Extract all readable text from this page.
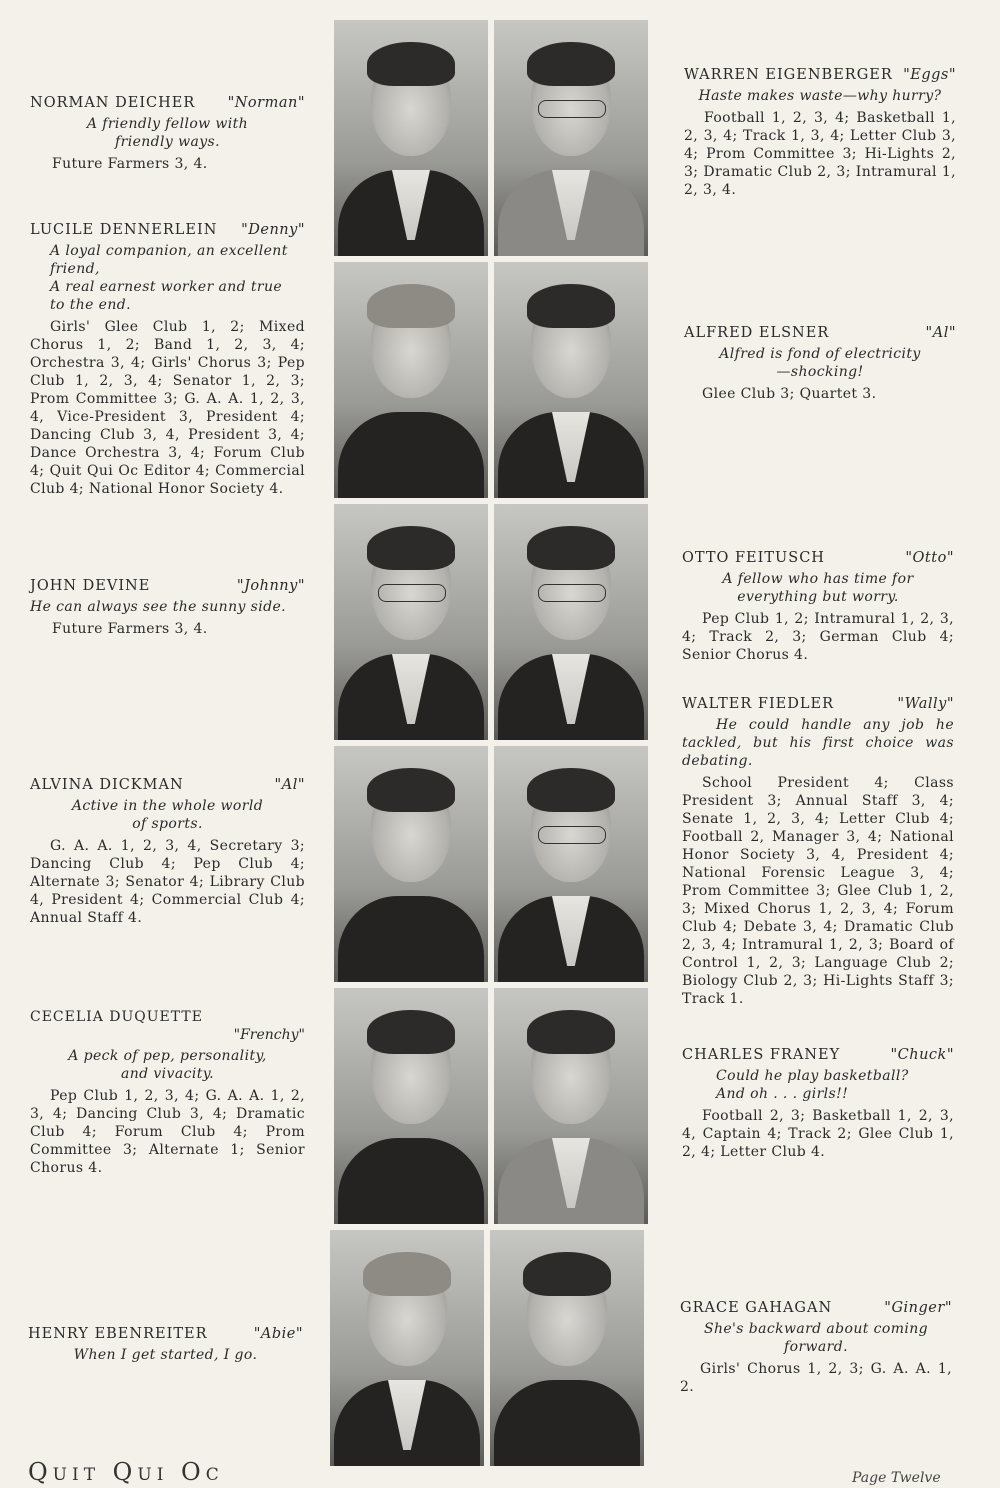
NORMAN DEICHER "Norman"
A friendly fellow with
friendly ways.
Future Farmers 3, 4.
LUCILE DENNERLEIN "Denny"
A loyal companion, an excellent friend,
A real earnest worker and true to the end.
Girls' Glee Club 1, 2; Mixed Chorus 1, 2; Band 1, 2, 3, 4; Orchestra 3, 4; Girls' Chorus 3; Pep Club 1, 2, 3, 4; Senator 1, 2, 3; Prom Committee 3; G. A. A. 1, 2, 3, 4, Vice-President 3, President 4; Dancing Club 3, 4, President 3, 4; Dance Orchestra 3, 4; Forum Club 4; Quit Qui Oc Editor 4; Commercial Club 4; National Honor Society 4.
JOHN DEVINE	"Johnny"
He can always see the sunny side.
Future Farmers 3, 4.
ALVINA DICKMAN	"Al"
Active in the whole world
of sports.
G. A. A. 1, 2, 3, 4, Secretary 3; Dancing Club 4; Pep Club 4; Alternate 3; Senator 4; Library Club 4, President 4; Commercial Club 4; Annual Staff 4.
CECELIA DUQUETTE
"Frenchy"
A peck of pep, personality,
and vivacity.
Pep Club 1, 2, 3, 4; G. A. A. 1, 2, 3, 4; Dancing Club 3, 4; Dramatic Club 4; Forum Club 4; Prom Committee 3; Alternate 1; Senior Chorus 4.
HENRY EBENREITER	"Abie"
When I get started, I go.
WARREN EIGENBERGER "Eggs"
Haste makes waste—why hurry?
Football 1, 2, 3, 4; Basketball 1, 2, 3, 4; Track 1, 3, 4; Letter Club 3, 4; Prom Committee 3; Hi-Lights 2, 3; Dramatic Club 2, 3; Intramural 1, 2, 3, 4.
ALFRED ELSNER	"Al"
Alfred is fond of electricity
—shocking!
Glee Club 3; Quartet 3.
OTTO FEITUSCH	"Otto"
A fellow who has time for
everything but worry.
Pep Club 1, 2; Intramural 1, 2, 3, 4; Track 2, 3; German Club 4; Senior Chorus 4.
WALTER FIEDLER	"Wally"
He could handle any job he tackled, but his first choice was debating.
School President 4; Class President 3; Annual Staff 3, 4; Senate 1, 2, 3, 4; Letter Club 4; Football 2, Manager 3, 4; National Honor Society 3, 4, President 4; National Forensic League 3, 4; Prom Committee 3; Glee Club 1, 2, 3; Mixed Chorus 1, 2, 3, 4; Forum Club 4; Debate 3, 4; Dramatic Club 2, 3, 4; Intramural 1, 2, 3; Board of Control 1, 2, 3; Language Club 2; Biology Club 2, 3; Hi-Lights Staff 3; Track 1.
CHARLES FRANEY	"Chuck"
Could he play basketball?
And oh . . . girls!!
Football 2, 3; Basketball 1, 2, 3, 4, Captain 4; Track 2; Glee Club 1, 2, 4; Letter Club 4.
GRACE GAHAGAN	"Ginger"
She's backward about coming
forward.
Girls' Chorus 1, 2, 3; G. A. A. 1, 2.
Quit Qui Oc	Page Twelve
